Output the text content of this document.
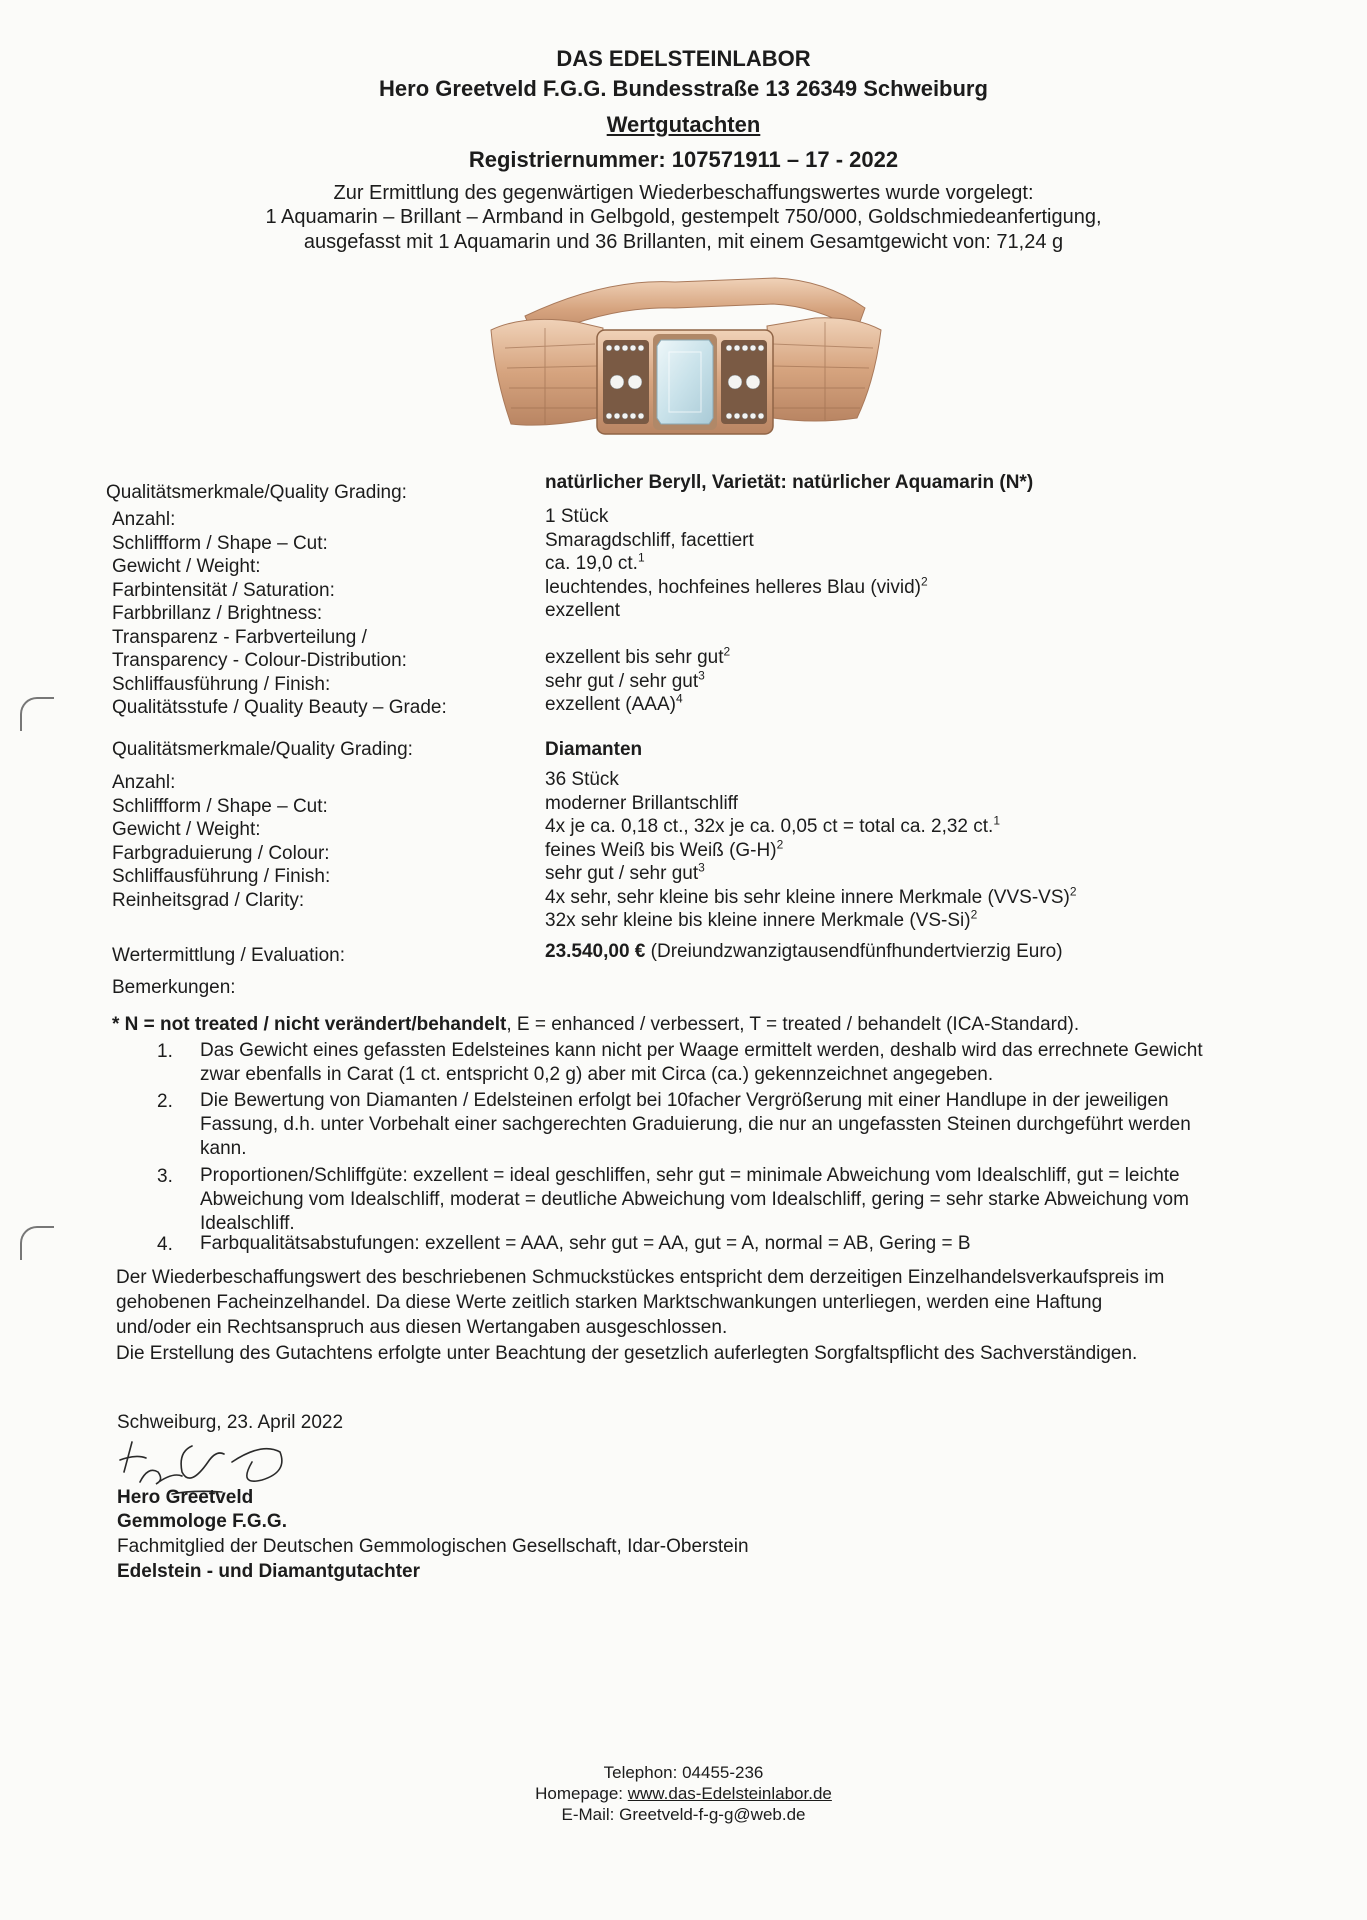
DAS EDELSTEINLABOR
Hero Greetveld F.G.G. Bundesstraße 13 26349 Schweiburg
Wertgutachten
Registriernummer: 107571911 – 17 - 2022
Zur Ermittlung des gegenwärtigen Wiederbeschaffungswertes wurde vorgelegt:
1 Aquamarin – Brillant – Armband in Gelbgold, gestempelt 750/000, Goldschmiedeanfertigung,
ausgefasst mit 1 Aquamarin und 36 Brillanten, mit einem Gesamtgewicht von: 71,24 g
Qualitätsmerkmale/Quality Grading:	natürlicher Beryll, Varietät: natürlicher Aquamarin (N*)
Anzahl:	1 Stück
Schliffform / Shape – Cut:	Smaragdschliff, facettiert
Gewicht / Weight:	ca. 19,0 ct.$^1$
Farbintensität / Saturation:	leuchtendes, hochfeines helleres Blau (vivid)$^2$
Farbbrillanz / Brightness:	exzellent
Transparenz - Farbverteilung /
Transparency - Colour-Distribution:	exzellent bis sehr gut$^2$
Schliffausführung / Finish:	sehr gut / sehr gut$^3$
Qualitätsstufe / Quality Beauty – Grade:	exzellent (AAA)$^4$
Qualitätsmerkmale/Quality Grading:	Diamanten
Anzahl:	36 Stück
Schliffform / Shape – Cut:	moderner Brillantschliff
Gewicht / Weight:	4x je ca. 0,18 ct., 32x je ca. 0,05 ct = total ca. 2,32 ct.$^1$
Farbgraduierung / Colour:	feines Weiß bis Weiß $(G-H)^2$
Schliffausführung / Finish:	sehr gut / sehr gut$^3$
Reinheitsgrad / Clarity:	4x sehr, sehr kleine bis sehr kleine innere Merkmale $(VVS-VS)^2$
32x sehr kleine bis kleine innere Merkmale $(VS-Si)^2$
Wertermittlung / Evaluation:	23.540,00 € (Dreiundzwanzigtausendfünfhundertvierzig Euro)
Bemerkungen:
* N = not treated / nicht verändert/behandelt, E = enhanced / verbessert, T = treated / behandelt (ICA-Standard).
1. Das Gewicht eines gefassten Edelsteines kann nicht per Waage ermittelt werden, deshalb wird das errechnete Gewicht zwar ebenfalls in Carat (1 ct. entspricht 0,2 g) aber mit Circa (ca.) gekennzeichnet angegeben.
2. Die Bewertung von Diamanten / Edelsteinen erfolgt bei 10facher Vergrößerung mit einer Handlupe in der jeweiligen Fassung, d.h. unter Vorbehalt einer sachgerechten Graduierung, die nur an ungefassten Steinen durchgeführt werden kann.
3. Proportionen/Schliffgüte: exzellent = ideal geschliffen, sehr gut = minimale Abweichung vom Idealschliff, gut = leichte Abweichung vom Idealschliff, moderat = deutliche Abweichung vom Idealschliff, gering = sehr starke Abweichung vom Idealschliff.
4. Farbqualitätsabstufungen: exzellent = AAA, sehr gut = AA, gut = A, normal = AB, Gering = B
Der Wiederbeschaffungswert des beschriebenen Schmuckstückes entspricht dem derzeitigen Einzelhandelsverkaufspreis im gehobenen Facheinzelhandel. Da diese Werte zeitlich starken Marktschwankungen unterliegen, werden eine Haftung und/oder ein Rechtsanspruch aus diesen Wertangaben ausgeschlossen.
Die Erstellung des Gutachtens erfolgte unter Beachtung der gesetzlich auferlegten Sorgfaltspflicht des Sachverständigen.
Schweiburg, 23. April 2022
Hero Greetveld
Gemmologe F.G.G.
Fachmitglied der Deutschen Gemmologischen Gesellschaft, Idar-Oberstein
Edelstein - und Diamantgutachter
Telephon: 04455-236
Homepage: www.das-Edelsteinlabor.de
E-Mail: Greetveld-f-g-g@web.de
